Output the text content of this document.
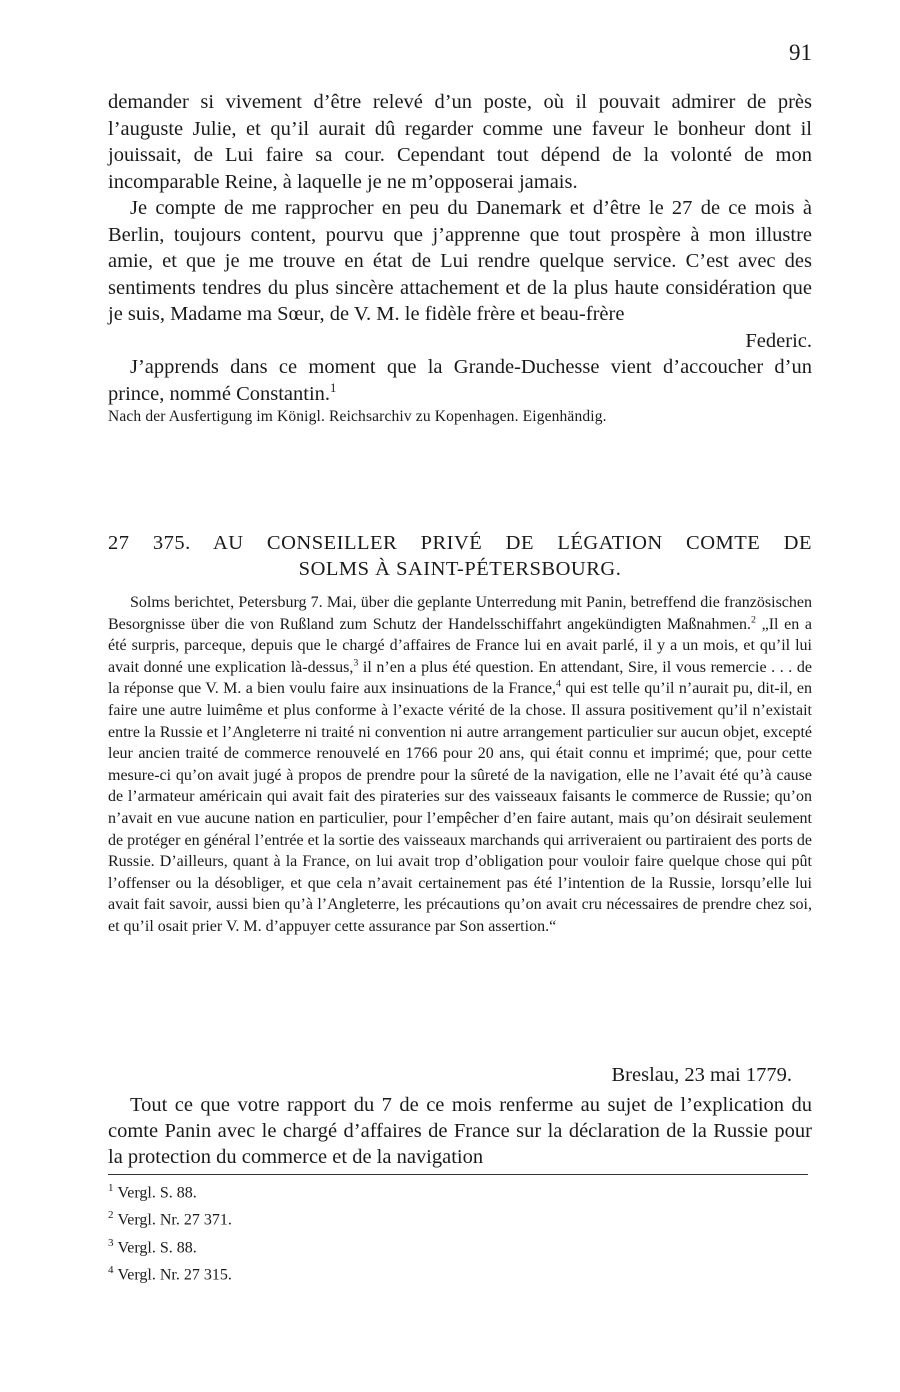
91

demander si vivement d’être relevé d’un poste, où il pouvait admirer de près l’auguste Julie, et qu’il aurait dû regarder comme une faveur le bonheur dont il jouissait, de Lui faire sa cour. Cependant tout dépend de la volonté de mon incomparable Reine, à laquelle je ne m’opposerai jamais.

Je compte de me rapprocher en peu du Danemark et d’être le 27 de ce mois à Berlin, toujours content, pourvu que j’apprenne que tout prospère à mon illustre amie, et que je me trouve en état de Lui rendre quelque service. C’est avec des sentiments tendres du plus sincère attachement et de la plus haute considération que je suis, Madame ma Sœur, de V. M. le fidèle frère et beau-frère

Federic.

J’apprends dans ce moment que la Grande-Duchesse vient d’accoucher d’un prince, nommé Constantin.$^1$

Nach der Ausfertigung im Königl. Reichsarchiv zu Kopenhagen. Eigenhändig.

27 375. AU CONSEILLER PRIVÉ DE LÉGATION COMTE DE
SOLMS À SAINT-PÉTERSBOURG.

Solms berichtet, Petersburg 7. Mai, über die geplante Unterredung mit Panin, betreffend die französischen Besorgnisse über die von Rußland zum Schutz der Handelsschiffahrt angekündigten Maßnahmen.$^2$ „Il en a été surpris, parceque, depuis que le chargé d’affaires de France lui en avait parlé, il y a un mois, et qu’il lui avait donné une explication là-dessus,$^3$ il n’en a plus été question. En attendant, Sire, il vous remercie . . . de la réponse que V. M. a bien voulu faire aux insinuations de la France,$^4$ qui est telle qu’il n’aurait pu, dit-il, en faire une autre luimême et plus conforme à l’exacte vérité de la chose. Il assura positivement qu’il n’existait entre la Russie et l’Angleterre ni traité ni convention ni autre arrangement particulier sur aucun objet, excepté leur ancien traité de commerce renouvelé en 1766 pour 20 ans, qui était connu et imprimé; que, pour cette mesure-ci qu’on avait jugé à propos de prendre pour la sûreté de la navigation, elle ne l’avait été qu’à cause de l’armateur américain qui avait fait des pirateries sur des vaisseaux faisants le commerce de Russie; qu’on n’avait en vue aucune nation en particulier, pour l’empêcher d’en faire autant, mais qu’on désirait seulement de protéger en général l’entrée et la sortie des vaisseaux marchands qui arriveraient ou partiraient des ports de Russie. D’ailleurs, quant à la France, on lui avait trop d’obligation pour vouloir faire quelque chose qui pût l’offenser ou la désobliger, et que cela n’avait certainement pas été l’intention de la Russie, lorsqu’elle lui avait fait savoir, aussi bien qu’à l’Angleterre, les précautions qu’on avait cru nécessaires de prendre chez soi, et qu’il osait prier V. M. d’appuyer cette assurance par Son assertion.“

Breslau, 23 mai 1779.

Tout ce que votre rapport du 7 de ce mois renferme au sujet de l’explication du comte Panin avec le chargé d’affaires de France sur la déclaration de la Russie pour la protection du commerce et de la navigation

$^1$ Vergl. S. 88.
$^2$ Vergl. Nr. 27 371.
$^3$ Vergl. S. 88.
$^4$ Vergl. Nr. 27 315.
